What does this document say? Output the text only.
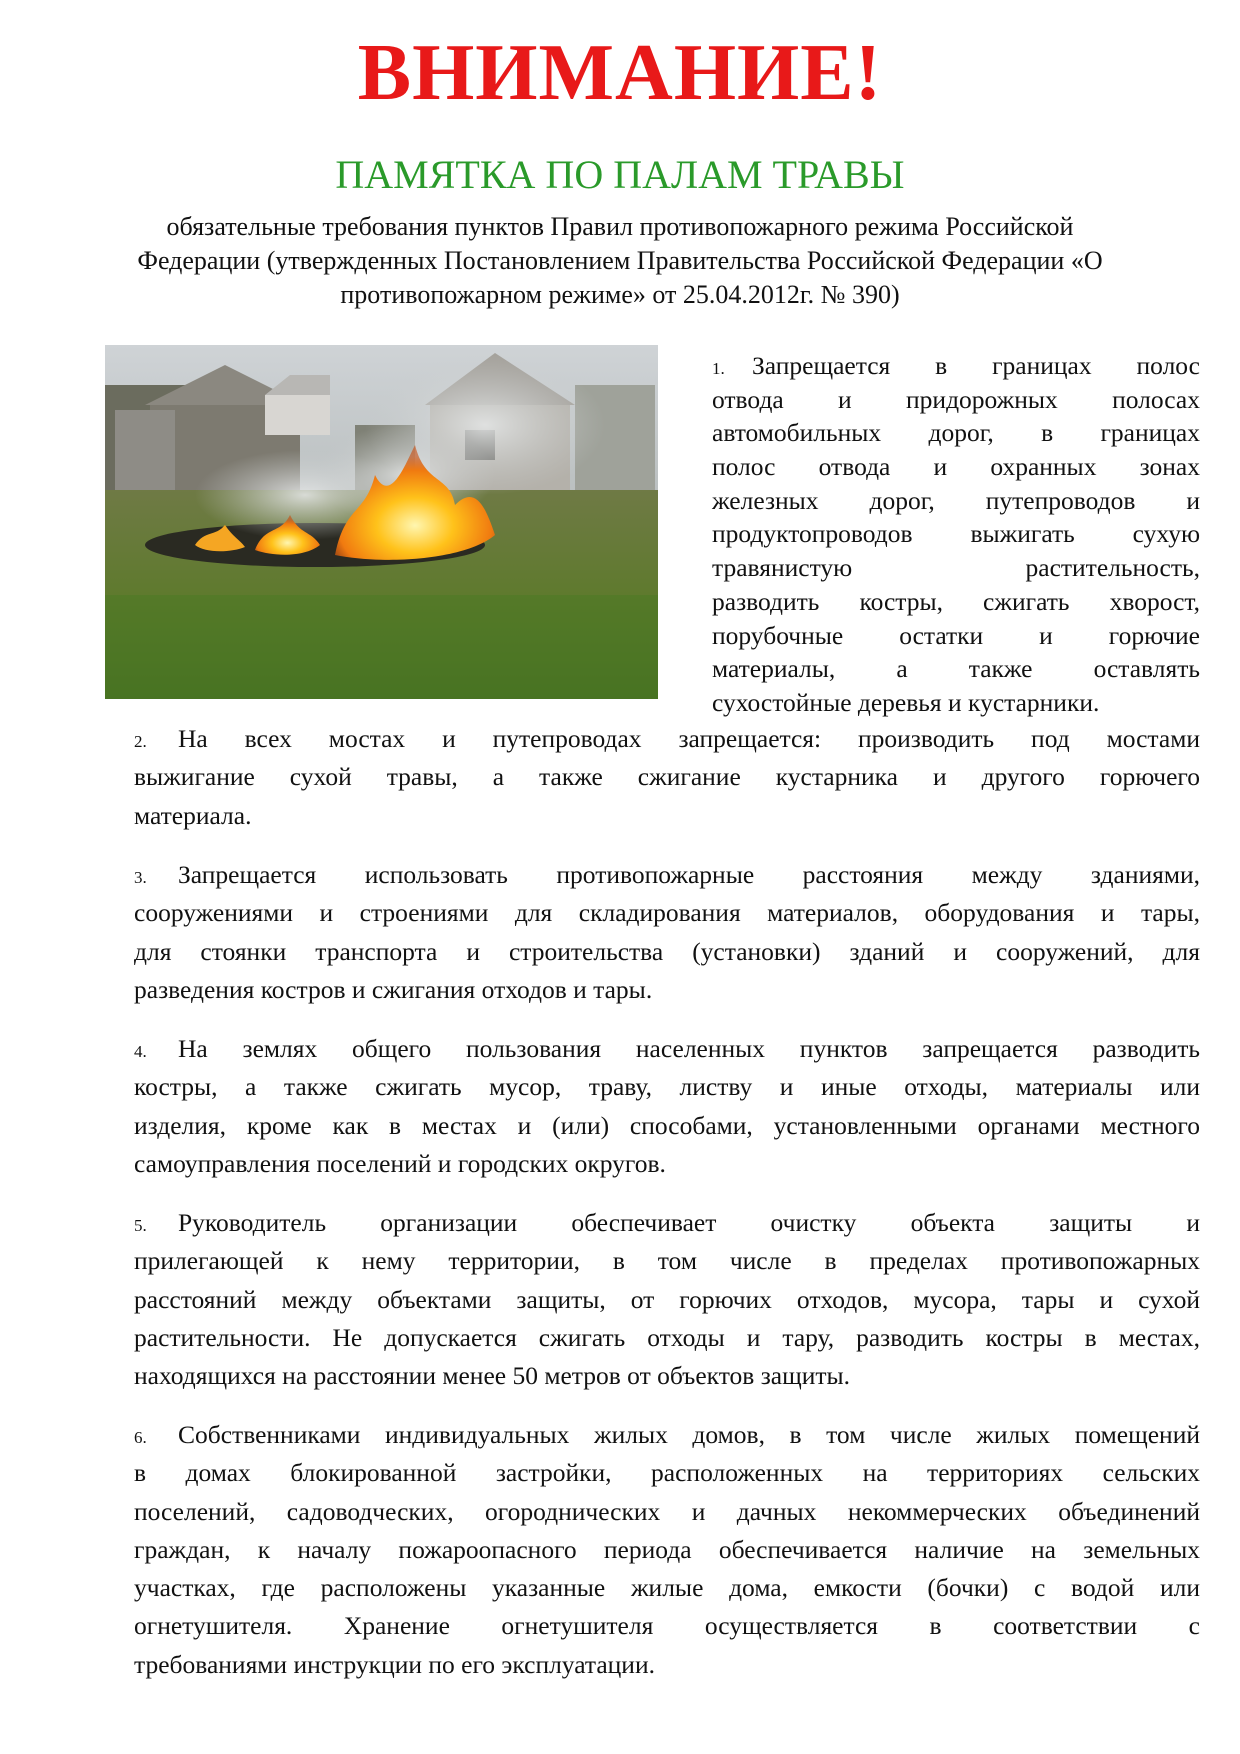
ВНИМАНИЕ!
ПАМЯТКА ПО ПАЛАМ ТРАВЫ
обязательные требования пунктов Правил противопожарного режима Российской
Федерации (утвержденных Постановлением Правительства Российской Федерации «О
противопожарном режиме» от 25.04.2012г. № 390)
1. Запрещается в границах полос
отвода и придорожных полосах
автомобильных дорог, в границах
полос отвода и охранных зонах
железных дорог, путепроводов и
продуктопроводов выжигать сухую
травянистую растительность,
разводить костры, сжигать хворост,
порубочные остатки и горючие
материалы, а также оставлять
сухостойные деревья и кустарники.
2. На всех мостах и путепроводах запрещается: производить под мостами
выжигание сухой травы, а также сжигание кустарника и другого горючего
материала.
3. Запрещается использовать противопожарные расстояния между зданиями,
сооружениями и строениями для складирования материалов, оборудования и тары,
для стоянки транспорта и строительства (установки) зданий и сооружений, для
разведения костров и сжигания отходов и тары.
4. На землях общего пользования населенных пунктов запрещается разводить
костры, а также сжигать мусор, траву, листву и иные отходы, материалы или
изделия, кроме как в местах и (или) способами, установленными органами местного
самоуправления поселений и городских округов.
5. Руководитель организации обеспечивает очистку объекта защиты и
прилегающей к нему территории, в том числе в пределах противопожарных
расстояний между объектами защиты, от горючих отходов, мусора, тары и сухой
растительности. Не допускается сжигать отходы и тару, разводить костры в местах,
находящихся на расстоянии менее 50 метров от объектов защиты.
6. Собственниками индивидуальных жилых домов, в том числе жилых помещений
в домах блокированной застройки, расположенных на территориях сельских
поселений, садоводческих, огороднических и дачных некоммерческих объединений
граждан, к началу пожароопасного периода обеспечивается наличие на земельных
участках, где расположены указанные жилые дома, емкости (бочки) с водой или
огнетушителя. Хранение огнетушителя осуществляется в соответствии с
требованиями инструкции по его эксплуатации.
